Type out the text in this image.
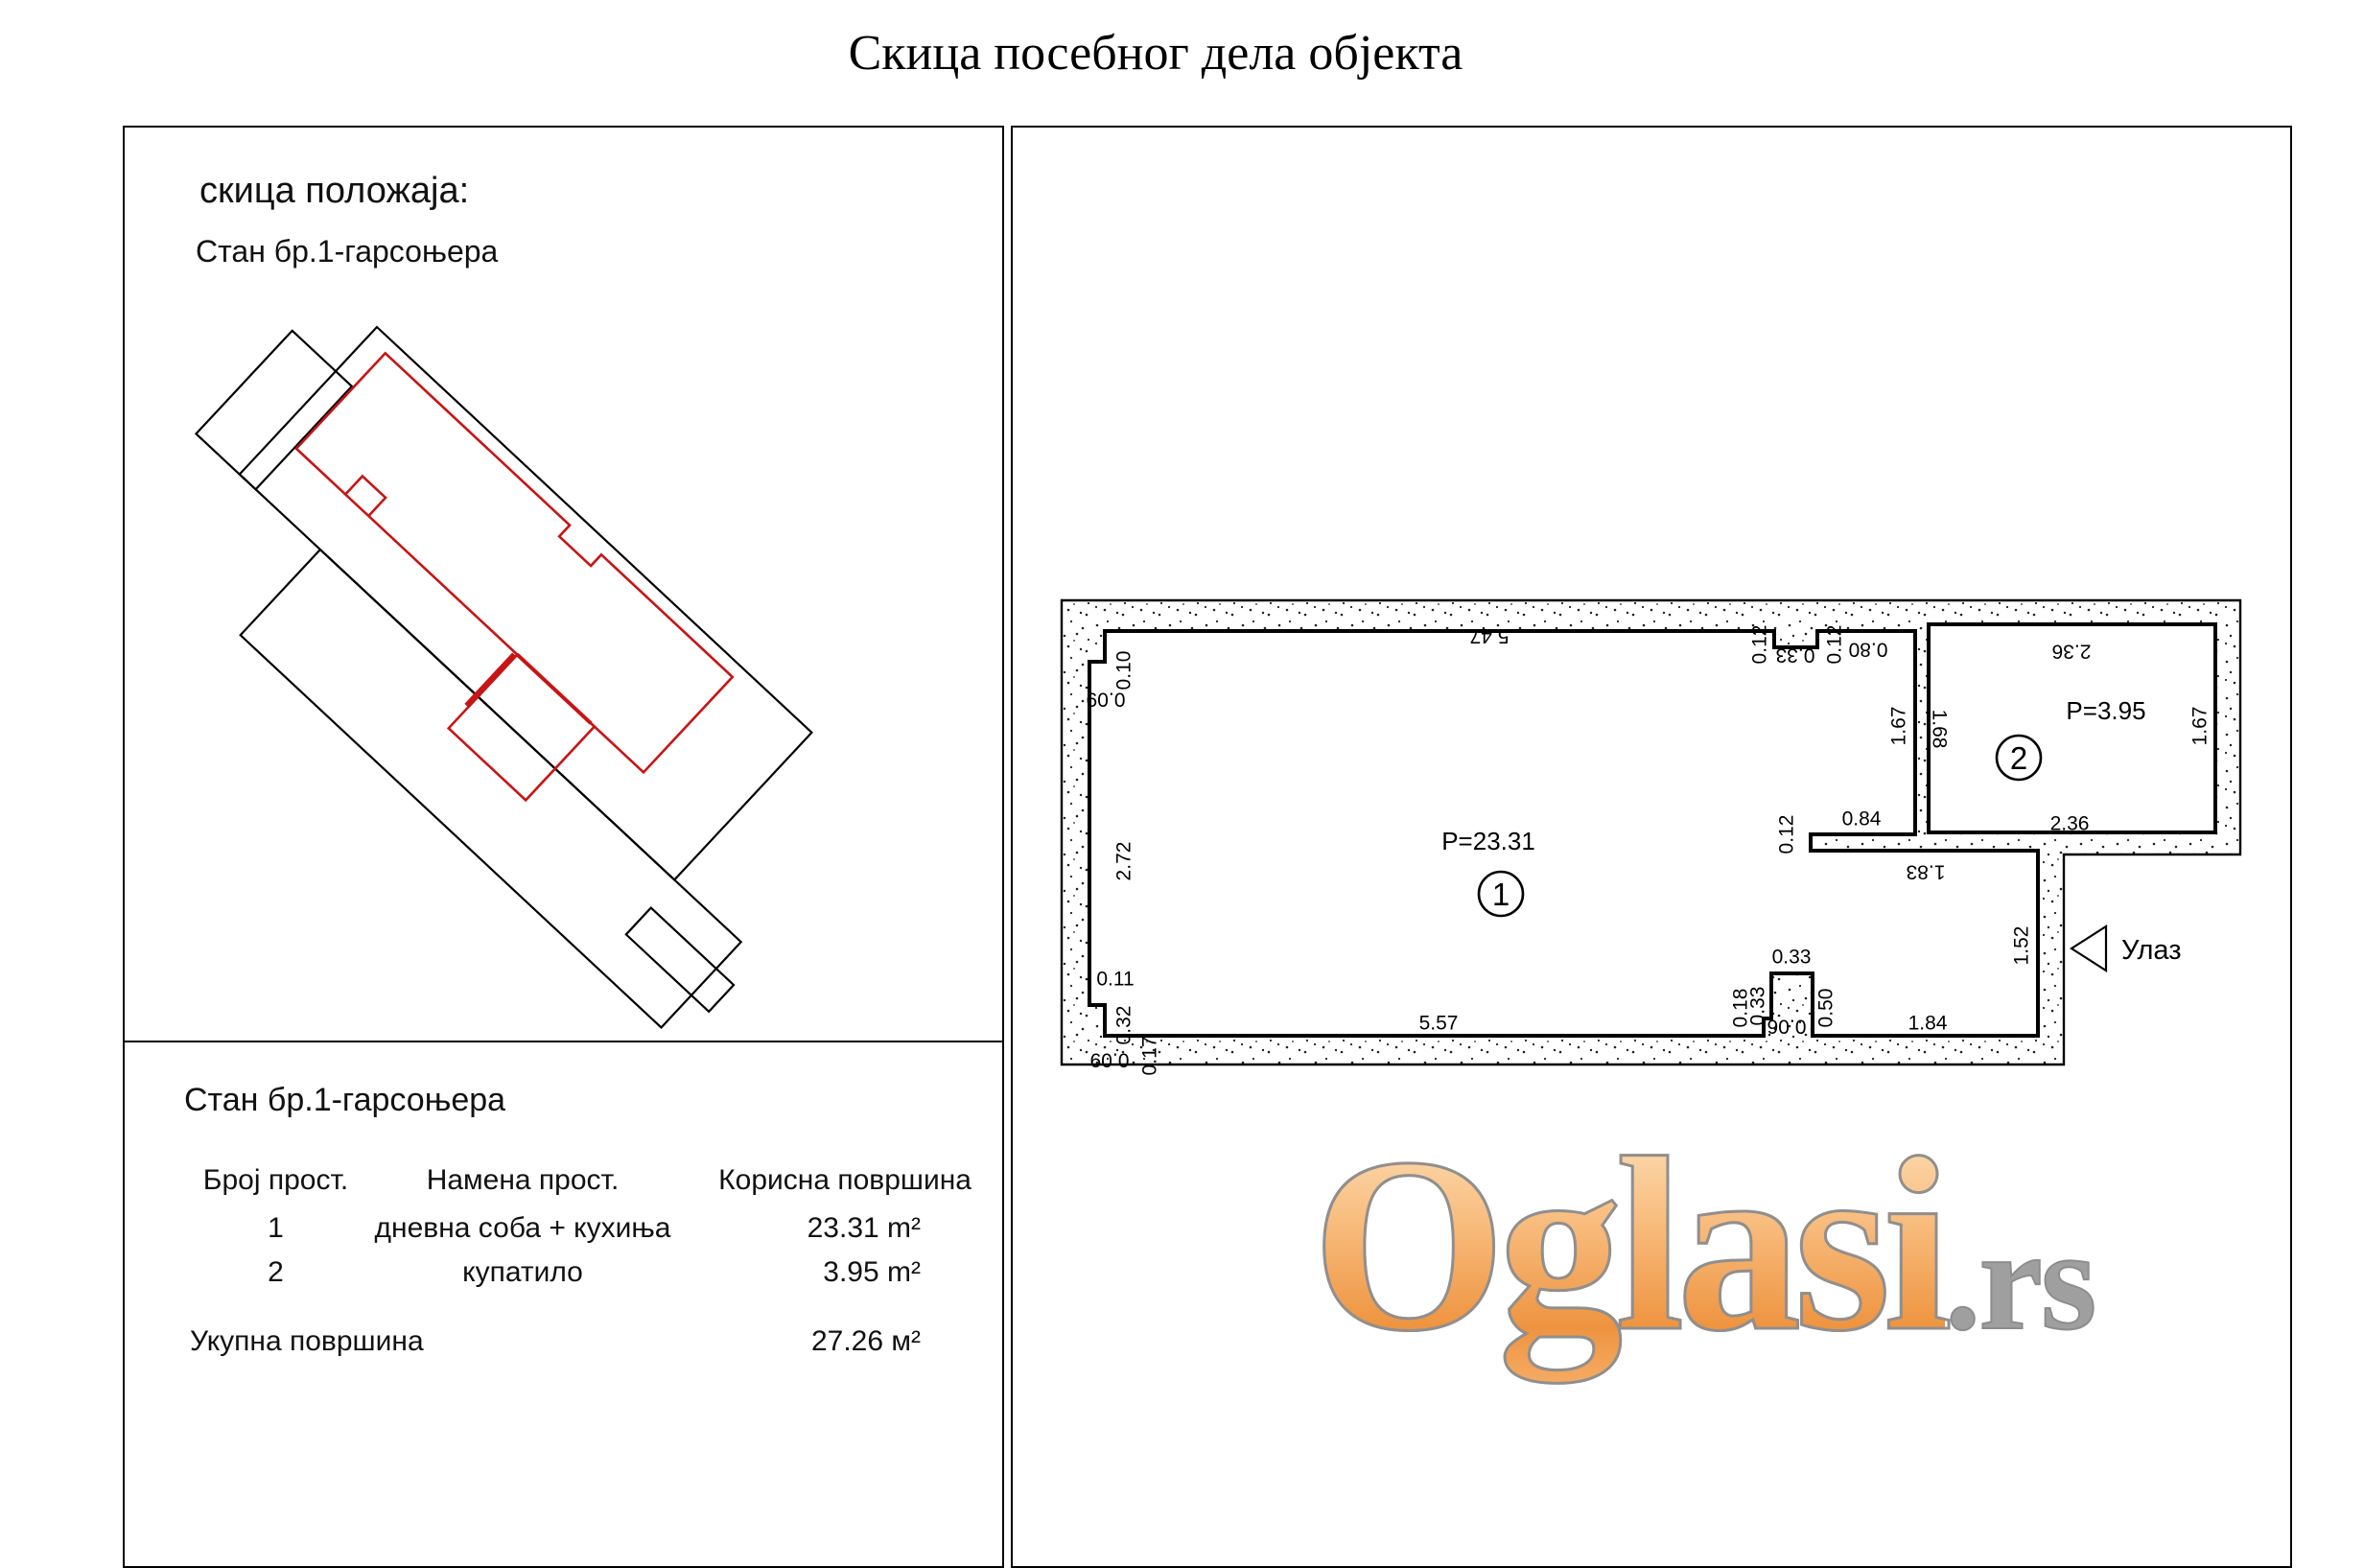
Скица посебног дела објекта
скица положаја:
Стан бр.1-гарсоњера
Стан бр.1-гарсоњера
Број прост.	Намена прост.	Корисна површина
1	дневна соба + кухиња	23.31 m²
2	купатило	3.95 m²
Укупна површина	27.26 м²
P=23.31
1
P=3.95
2
Улаз
5.47
0.10
0.09
2.72
0.12 0.33 0.12 0.80
1.67 1.68
2.36
1.67
2.36
0.84
0.12
1.83
1.52
0.11
0.32
0.17
0.09
5.57	0.18
0.33
0.33
0.50
0.06	1.84
Oglasi.rs
